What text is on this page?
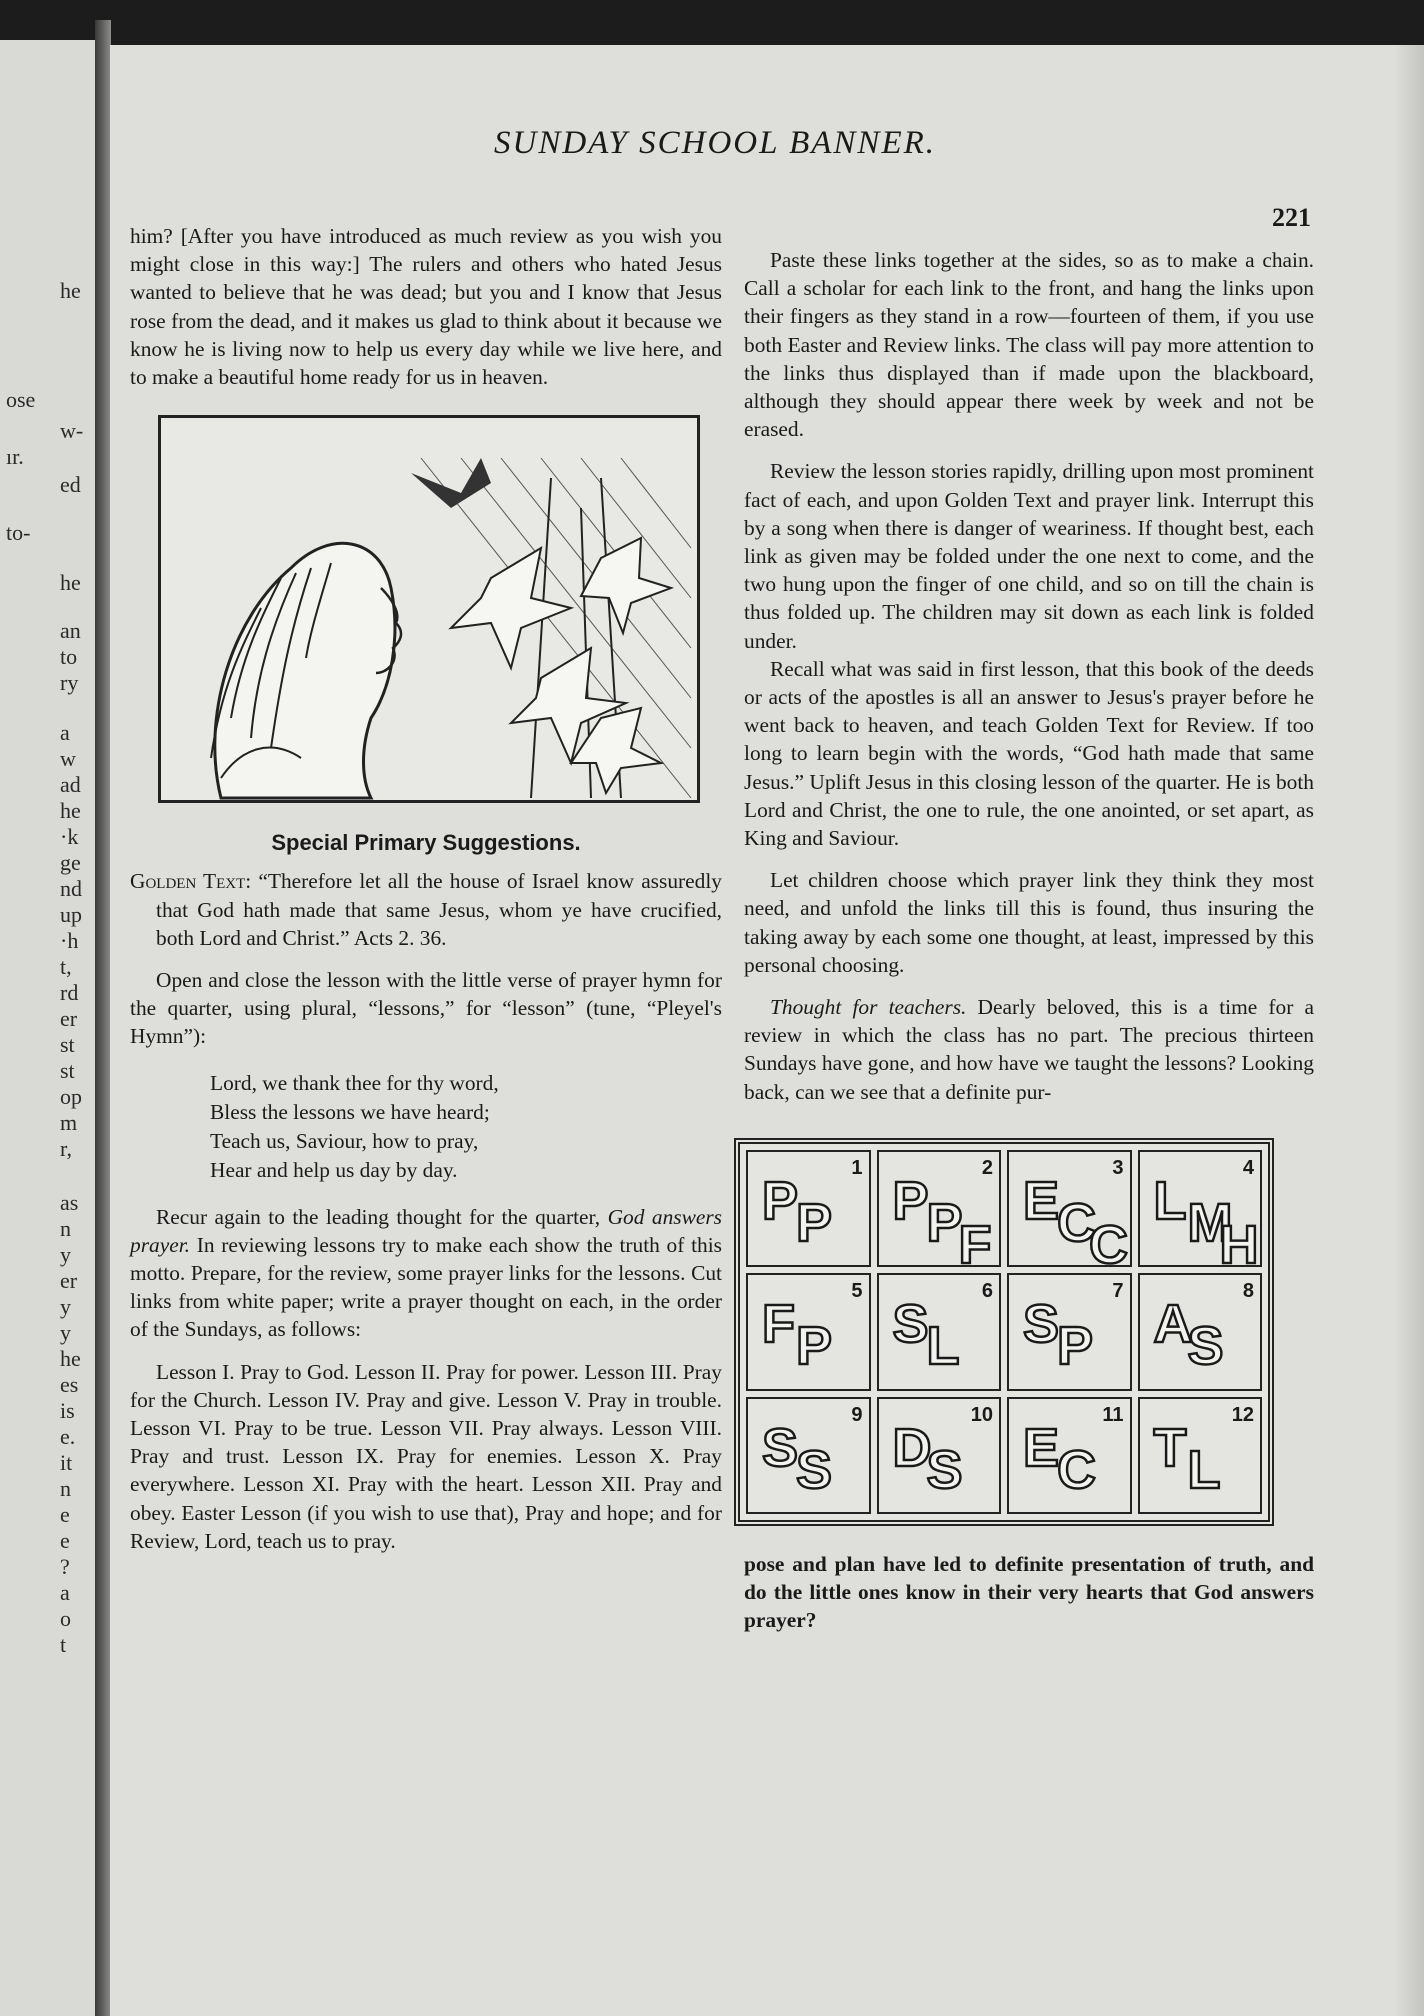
he
ose
w-
ır.
ed
to-
he
an
to
ry
a
w
ad
he
·k
ge
nd
up
·h
t,
rd
er
st
st
op
m
r,
as
n
y
er
y
y
he
es
is
e.
it
n
e
e
?
a
o
t
SUNDAY SCHOOL BANNER.
221

him? [After you have introduced as much review as you wish you might close in this way:] The rulers and others who hated Jesus wanted to believe that he was dead; but you and I know that Jesus rose from the dead, and it makes us glad to think about it because we know he is living now to help us every day while we live here, and to make a beautiful home ready for us in heaven.

Special Primary Suggestions.

Golden Text: “Therefore let all the house of Israel know assuredly that God hath made that same Jesus, whom ye have crucified, both Lord and Christ.” Acts 2. 36.

Open and close the lesson with the little verse of prayer hymn for the quarter, using plural, “lessons,” for “lesson” (tune, “Pleyel's Hymn”):

Lord, we thank thee for thy word,
Bless the lessons we have heard;
Teach us, Saviour, how to pray,
Hear and help us day by day.

Recur again to the leading thought for the quarter, God answers prayer. In reviewing lessons try to make each show the truth of this motto. Prepare, for the review, some prayer links for the lessons. Cut links from white paper; write a prayer thought on each, in the order of the Sundays, as follows:

Lesson I. Pray to God. Lesson II. Pray for power. Lesson III. Pray for the Church. Lesson IV. Pray and give. Lesson V. Pray in trouble. Lesson VI. Pray to be true. Lesson VII. Pray always. Lesson VIII. Pray and trust. Lesson IX. Pray for enemies. Lesson X. Pray everywhere. Lesson XI. Pray with the heart. Lesson XII. Pray and obey. Easter Lesson (if you wish to use that), Pray and hope; and for Review, Lord, teach us to pray.

Paste these links together at the sides, so as to make a chain. Call a scholar for each link to the front, and hang the links upon their fingers as they stand in a row—fourteen of them, if you use both Easter and Review links. The class will pay more attention to the links thus displayed than if made upon the blackboard, although they should appear there week by week and not be erased.

Review the lesson stories rapidly, drilling upon most prominent fact of each, and upon Golden Text and prayer link. Interrupt this by a song when there is danger of weariness. If thought best, each link as given may be folded under the one next to come, and the two hung upon the finger of one child, and so on till the chain is thus folded up. The children may sit down as each link is folded under.

Recall what was said in first lesson, that this book of the deeds or acts of the apostles is all an answer to Jesus's prayer before he went back to heaven, and teach Golden Text for Review. If too long to learn begin with the words, “God hath made that same Jesus.” Uplift Jesus in this closing lesson of the quarter. He is both Lord and Christ, the one to rule, the one anointed, or set apart, as King and Saviour.

Let children choose which prayer link they think they most need, and unfold the links till this is found, thus insuring the taking away by each some one thought, at least, impressed by this personal choosing.

Thought for teachers. Dearly beloved, this is a time for a review in which the class has no part. The precious thirteen Sundays have gone, and how have we taught the lessons? Looking back, can we see that a definite pur-

1
P
P
2
P
P
F
3
E
C
C
4
L M
H
5
F P
6
S
L
7
S
P
8
A
S
9
S
S
10
D
S
11
E
C
12
T L

pose and plan have led to definite presentation of truth, and do the little ones know in their very hearts that God answers prayer?
